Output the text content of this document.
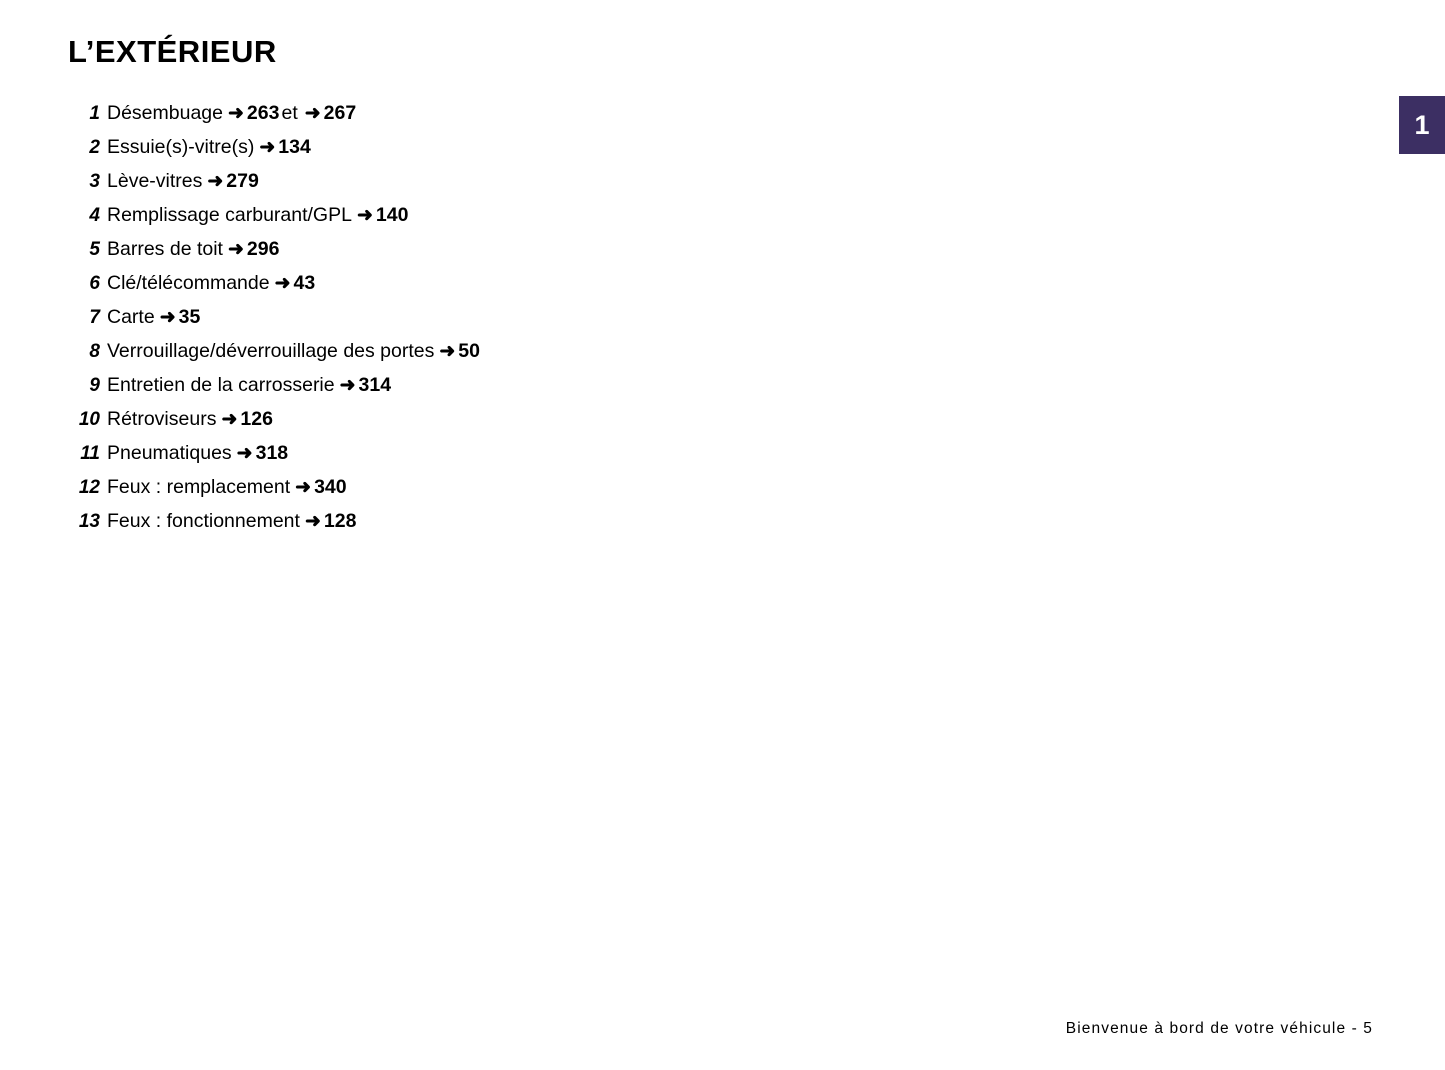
L’EXTÉRIEUR
1
1 Désembuage ➜ 263 et ➜ 267
2 Essuie(s)-vitre(s) ➜ 134
3 Lève-vitres ➜ 279
4 Remplissage carburant/GPL ➜ 140
5 Barres de toit ➜ 296
6 Clé/télécommande ➜ 43
7 Carte ➜ 35
8 Verrouillage/déverrouillage des portes ➜ 50
9 Entretien de la carrosserie ➜ 314
10 Rétroviseurs ➜ 126
11 Pneumatiques ➜ 318
12 Feux : remplacement ➜ 340
13 Feux : fonctionnement ➜ 128
Bienvenue à bord de votre véhicule - 5
